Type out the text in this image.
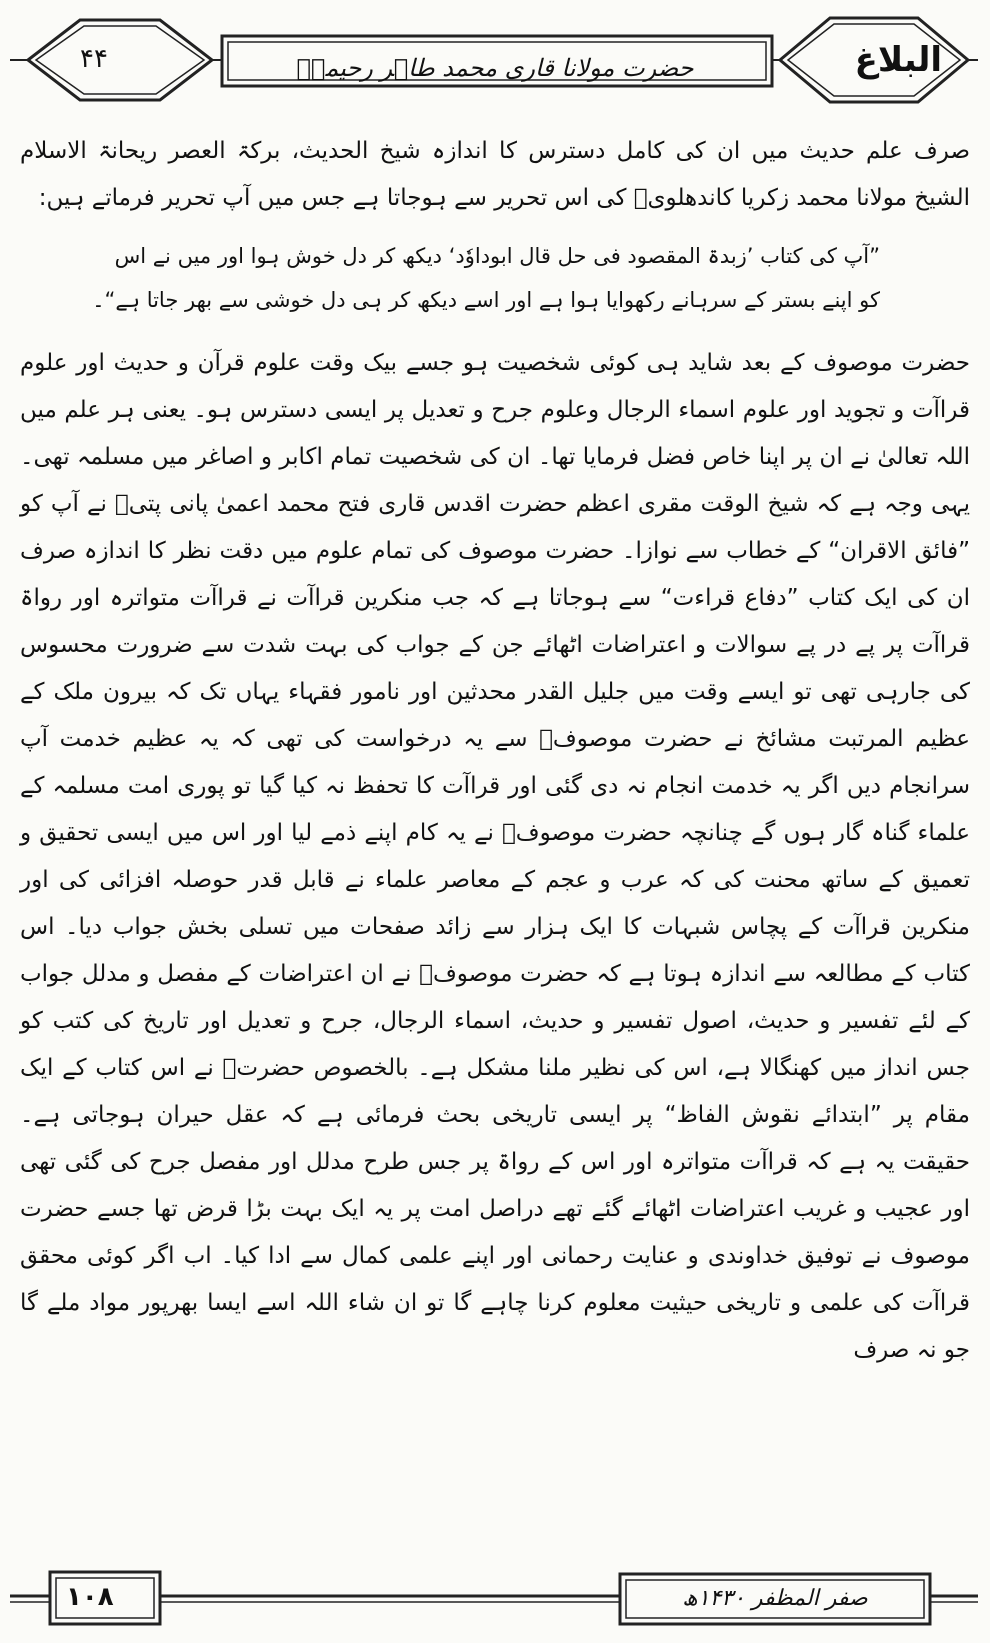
البلاغ
۴۴	حضرت مولانا قاری محمد طاہر رحیمیؒ

صرف علم حدیث میں ان کی کامل دسترس کا اندازہ شیخ الحدیث، برکۃ العصر ریحانۃ الاسلام الشیخ مولانا محمد زکریا کاندھلویؒ کی اس تحریر سے ہوجاتا ہے جس میں آپ تحریر فرماتے ہیں:

”آپ کی کتاب ’زبدۃ المقصود فی حل قال ابوداوٗد‘ دیکھ کر دل خوش ہوا اور میں نے اس کو اپنے بستر کے سرہانے رکھوایا ہوا ہے اور اسے دیکھ کر ہی دل خوشی سے بھر جاتا ہے“۔

حضرت موصوف کے بعد شاید ہی کوئی شخصیت ہو جسے بیک وقت علوم قرآن و حدیث اور علوم قراآت و تجوید اور علوم اسماء الرجال وعلوم جرح و تعدیل پر ایسی دسترس ہو۔ یعنی ہر علم میں اللہ تعالیٰ نے ان پر اپنا خاص فضل فرمایا تھا۔ ان کی شخصیت تمام اکابر و اصاغر میں مسلمہ تھی۔ یہی وجہ ہے کہ شیخ الوقت مقری اعظم حضرت اقدس قاری فتح محمد اعمیٰ پانی پتیؒ نے آپ کو ”فائق الاقران“ کے خطاب سے نوازا۔ حضرت موصوف کی تمام علوم میں دقت نظر کا اندازہ صرف ان کی ایک کتاب ”دفاع قراءت“ سے ہوجاتا ہے کہ جب منکرین قراآت نے قراآت متواترہ اور رواۃ قراآت پر پے در پے سوالات و اعتراضات اٹھائے جن کے جواب کی بہت شدت سے ضرورت محسوس کی جارہی تھی تو ایسے وقت میں جلیل القدر محدثین اور نامور فقہاء یہاں تک کہ بیرون ملک کے عظیم المرتبت مشائخ نے حضرت موصوفؒ سے یہ درخواست کی تھی کہ یہ عظیم خدمت آپ سرانجام دیں اگر یہ خدمت انجام نہ دی گئی اور قراآت کا تحفظ نہ کیا گیا تو پوری امت مسلمہ کے علماء گناہ گار ہوں گے چنانچہ حضرت موصوفؒ نے یہ کام اپنے ذمے لیا اور اس میں ایسی تحقیق و تعمیق کے ساتھ محنت کی کہ عرب و عجم کے معاصر علماء نے قابل قدر حوصلہ افزائی کی اور منکرین قراآت کے پچاس شبہات کا ایک ہزار سے زائد صفحات میں تسلی بخش جواب دیا۔ اس کتاب کے مطالعہ سے اندازہ ہوتا ہے کہ حضرت موصوفؒ نے ان اعتراضات کے مفصل و مدلل جواب کے لئے تفسیر و حدیث، اصول تفسیر و حدیث، اسماء الرجال، جرح و تعدیل اور تاریخ کی کتب کو جس انداز میں کھنگالا ہے، اس کی نظیر ملنا مشکل ہے۔ بالخصوص حضرتؒ نے اس کتاب کے ایک مقام پر ”ابتدائے نقوش الفاظ“ پر ایسی تاریخی بحث فرمائی ہے کہ عقل حیران ہوجاتی ہے۔ حقیقت یہ ہے کہ قراآت متواترہ اور اس کے رواۃ پر جس طرح مدلل اور مفصل جرح کی گئی تھی اور عجیب و غریب اعتراضات اٹھائے گئے تھے دراصل امت پر یہ ایک بہت بڑا قرض تھا جسے حضرت موصوف نے توفیق خداوندی و عنایت رحمانی اور اپنے علمی کمال سے ادا کیا۔ اب اگر کوئی محقق قراآت کی علمی و تاریخی حیثیت معلوم کرنا چاہے گا تو ان شاء اللہ اسے ایسا بھرپور مواد ملے گا جو نہ صرف

۱۰۸	صفر المظفر ۱۴۳۰ھ
